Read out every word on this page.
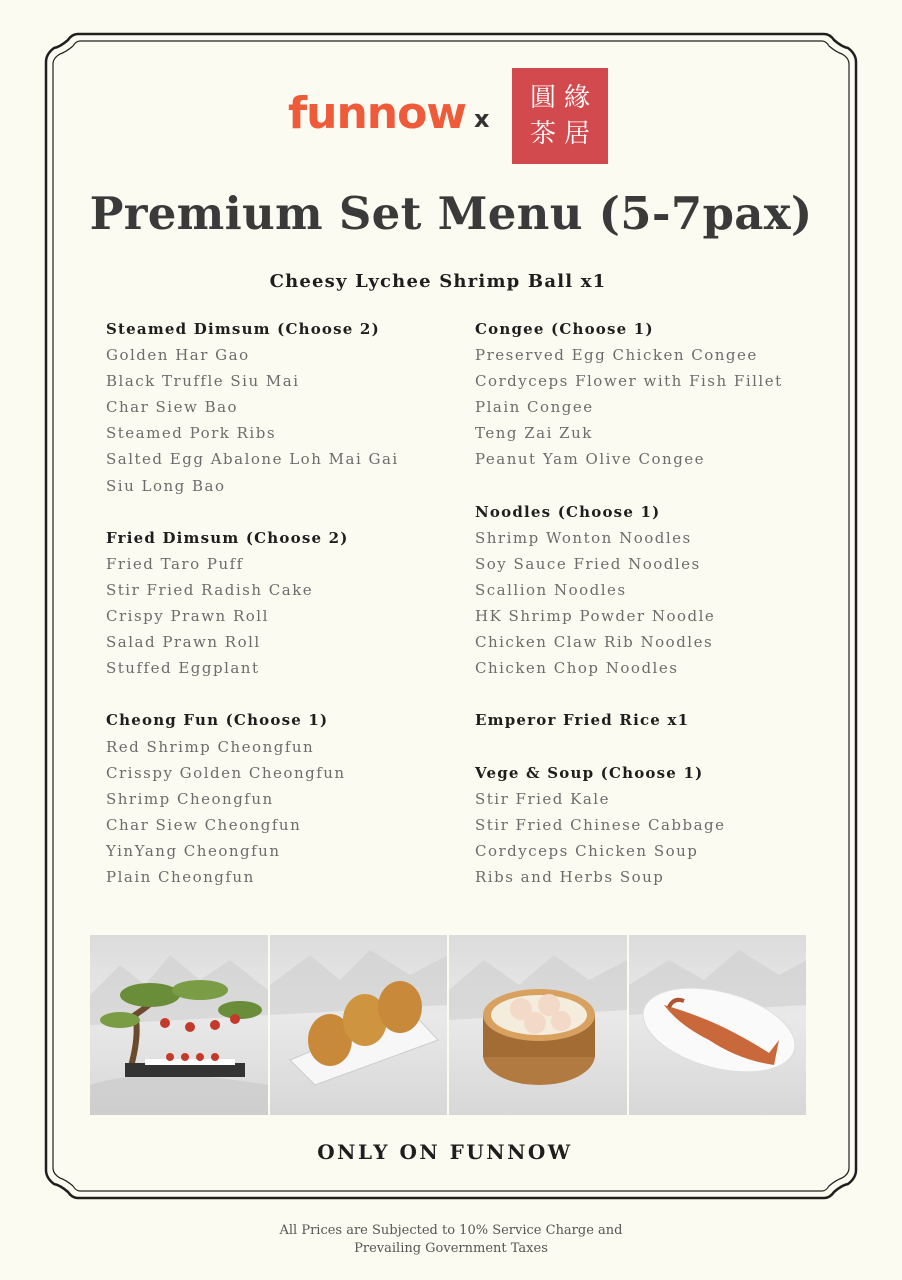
funnow x
圓 緣
茶 居
Premium Set Menu (5-7pax)
Cheesy Lychee Shrimp Ball x1
Steamed Dimsum (Choose 2)
Golden Har Gao
Black Truffle Siu Mai
Char Siew Bao
Steamed Pork Ribs
Salted Egg Abalone Loh Mai Gai
Siu Long Bao
Fried Dimsum (Choose 2)
Fried Taro Puff
Stir Fried Radish Cake
Crispy Prawn Roll
Salad Prawn Roll
Stuffed Eggplant
Cheong Fun (Choose 1)
Red Shrimp Cheongfun
Crisspy Golden Cheongfun
Shrimp Cheongfun
Char Siew Cheongfun
YinYang Cheongfun
Plain Cheongfun
Congee (Choose 1)
Preserved Egg Chicken Congee
Cordyceps Flower with Fish Fillet
Plain Congee
Teng Zai Zuk
Peanut Yam Olive Congee
Noodles (Choose 1)
Shrimp Wonton Noodles
Soy Sauce Fried Noodles
Scallion Noodles
HK Shrimp Powder Noodle
Chicken Claw Rib Noodles
Chicken Chop Noodles
Emperor Fried Rice x1
Vege & Soup (Choose 1)
Stir Fried Kale
Stir Fried Chinese Cabbage
Cordyceps Chicken Soup
Ribs and Herbs Soup
ONLY ON FUNNOW
All Prices are Subjected to 10% Service Charge and
Prevailing Government Taxes
